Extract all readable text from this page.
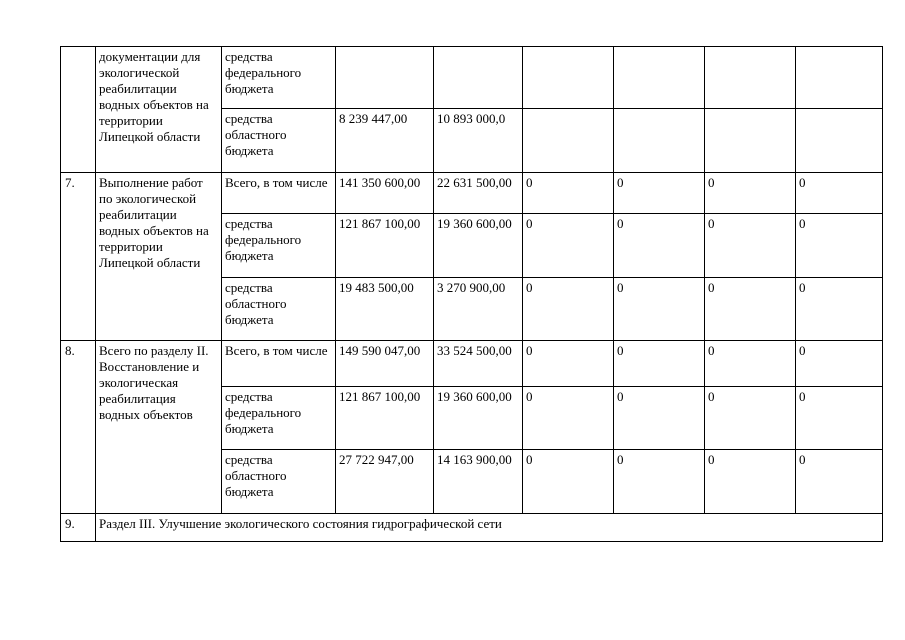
	документации для экологической реабилитации водных объектов на территории Липецкой области	средства федерального бюджета						
		средства областного бюджета	8 239 447,00	10 893 000,0				
7.	Выполнение работ по экологической реабилитации водных объектов на территории Липецкой области	Всего, в том числе	141 350 600,00	22 631 500,00	0	0	0	0
		средства федерального бюджета	121 867 100,00	19 360 600,00	0	0	0	0
		средства областного бюджета	19 483 500,00	3 270 900,00	0	0	0	0
8.	Всего по разделу II. Восстановление и экологическая реабилитация водных объектов	Всего, в том числе	149 590 047,00	33 524 500,00	0	0	0	0
		средства федерального бюджета	121 867 100,00	19 360 600,00	0	0	0	0
		средства областного бюджета	27 722 947,00	14 163 900,00	0	0	0	0
9.	Раздел III. Улучшение экологического состояния гидрографической сети							
